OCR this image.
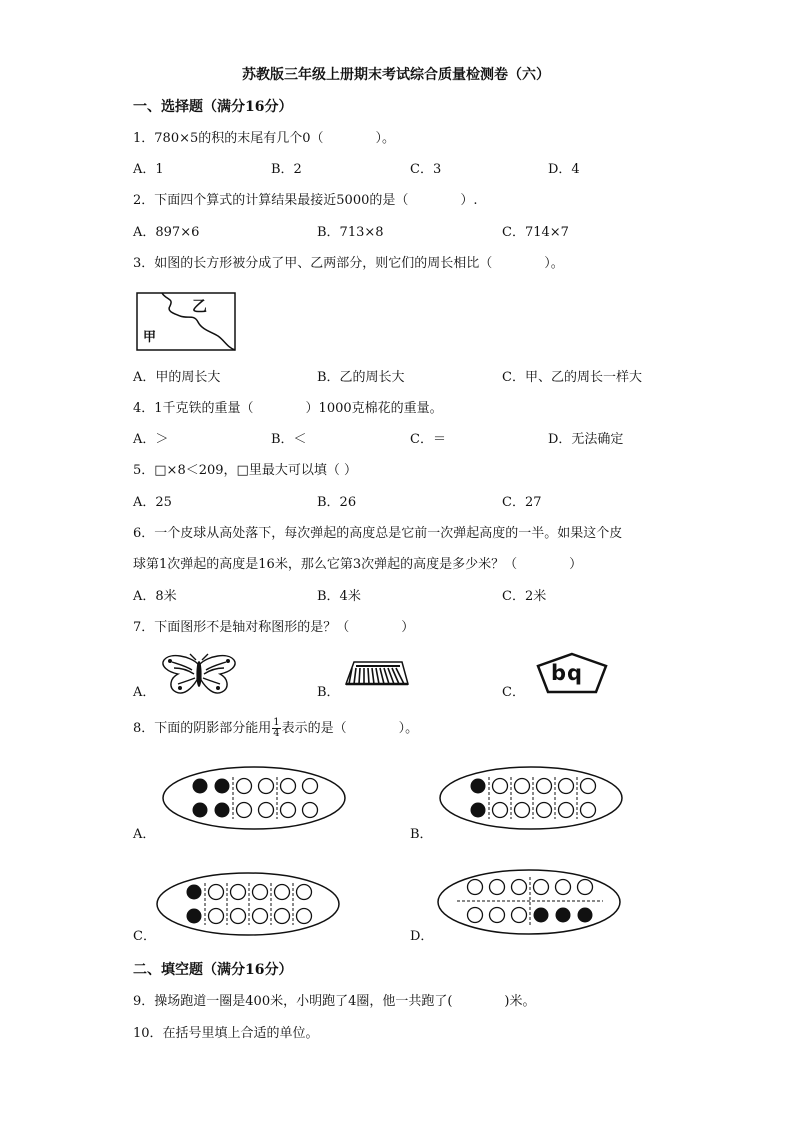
苏教版三年级上册期末考试综合质量检测卷（六）
一、选择题（满分16分）
1．780×5的积的末尾有几个0（　　　　）。
A．1	B．2	C．3	D．4
2．下面四个算式的计算结果最接近5000的是（　　　　）.
A．897×6	B．713×8	C．714×7
3．如图的长方形被分成了甲、乙两部分，则它们的周长相比（　　　　）。
乙
甲
A．甲的周长大	B．乙的周长大	C．甲、乙的周长一样大
4．1千克铁的重量（　　　　）1000克棉花的重量。
A．＞	B．＜	C．＝	D．无法确定
5．□×8＜209，□里最大可以填（ ）
A．25	B．26	C．27
6．一个皮球从高处落下，每次弹起的高度总是它前一次弹起高度的一半。如果这个皮
球第1次弹起的高度是16米，那么它第3次弹起的高度是多少米？（　　　　）
A．8米	B．4米	C．2米
7．下面图形不是轴对称图形的是？（　　　　）
A．	B．	C．
bq
8．下面的阴影部分能用 $\frac{1}{4}$ 表示的是（　　　　）。
A．	B．
C．	D．
二、填空题（满分16分）
9．操场跑道一圈是400米，小明跑了4圈，他一共跑了(　　　　)米。
10．在括号里填上合适的单位。
